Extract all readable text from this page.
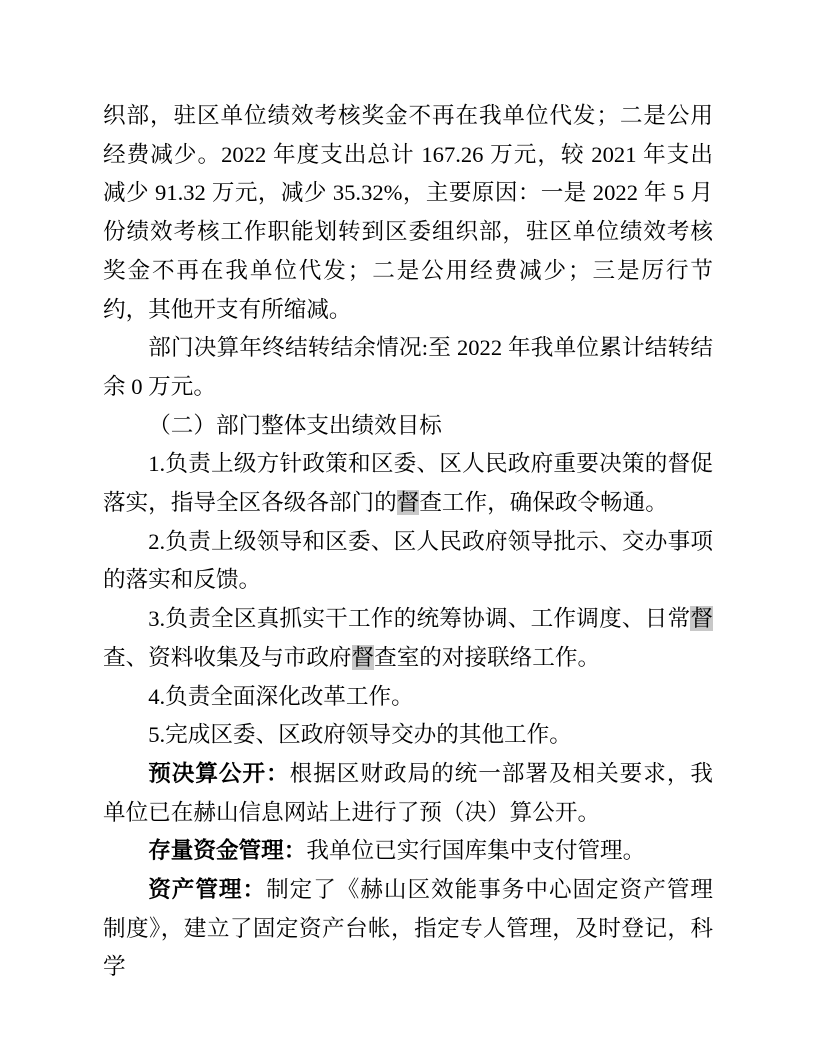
织部，驻区单位绩效考核奖金不再在我单位代发；二是公用经费减少。2022 年度支出总计 167.26 万元，较 2021 年支出减少 91.32 万元，减少 35.32%，主要原因：一是 2022 年 5 月份绩效考核工作职能划转到区委组织部，驻区单位绩效考核奖金不再在我单位代发；二是公用经费减少；三是厉行节约，其他开支有所缩减。

部门决算年终结转结余情况:至 2022 年我单位累计结转结余 0 万元。

（二）部门整体支出绩效目标

1.负责上级方针政策和区委、区人民政府重要决策的督促落实，指导全区各级各部门的督查工作，确保政令畅通。

2.负责上级领导和区委、区人民政府领导批示、交办事项的落实和反馈。

3.负责全区真抓实干工作的统筹协调、工作调度、日常督查、资料收集及与市政府督查室的对接联络工作。

4.负责全面深化改革工作。

5.完成区委、区政府领导交办的其他工作。

预决算公开：根据区财政局的统一部署及相关要求，我单位已在赫山信息网站上进行了预（决）算公开。

存量资金管理：我单位已实行国库集中支付管理。

资产管理：制定了《赫山区效能事务中心固定资产管理制度》，建立了固定资产台帐，指定专人管理，及时登记，科学
